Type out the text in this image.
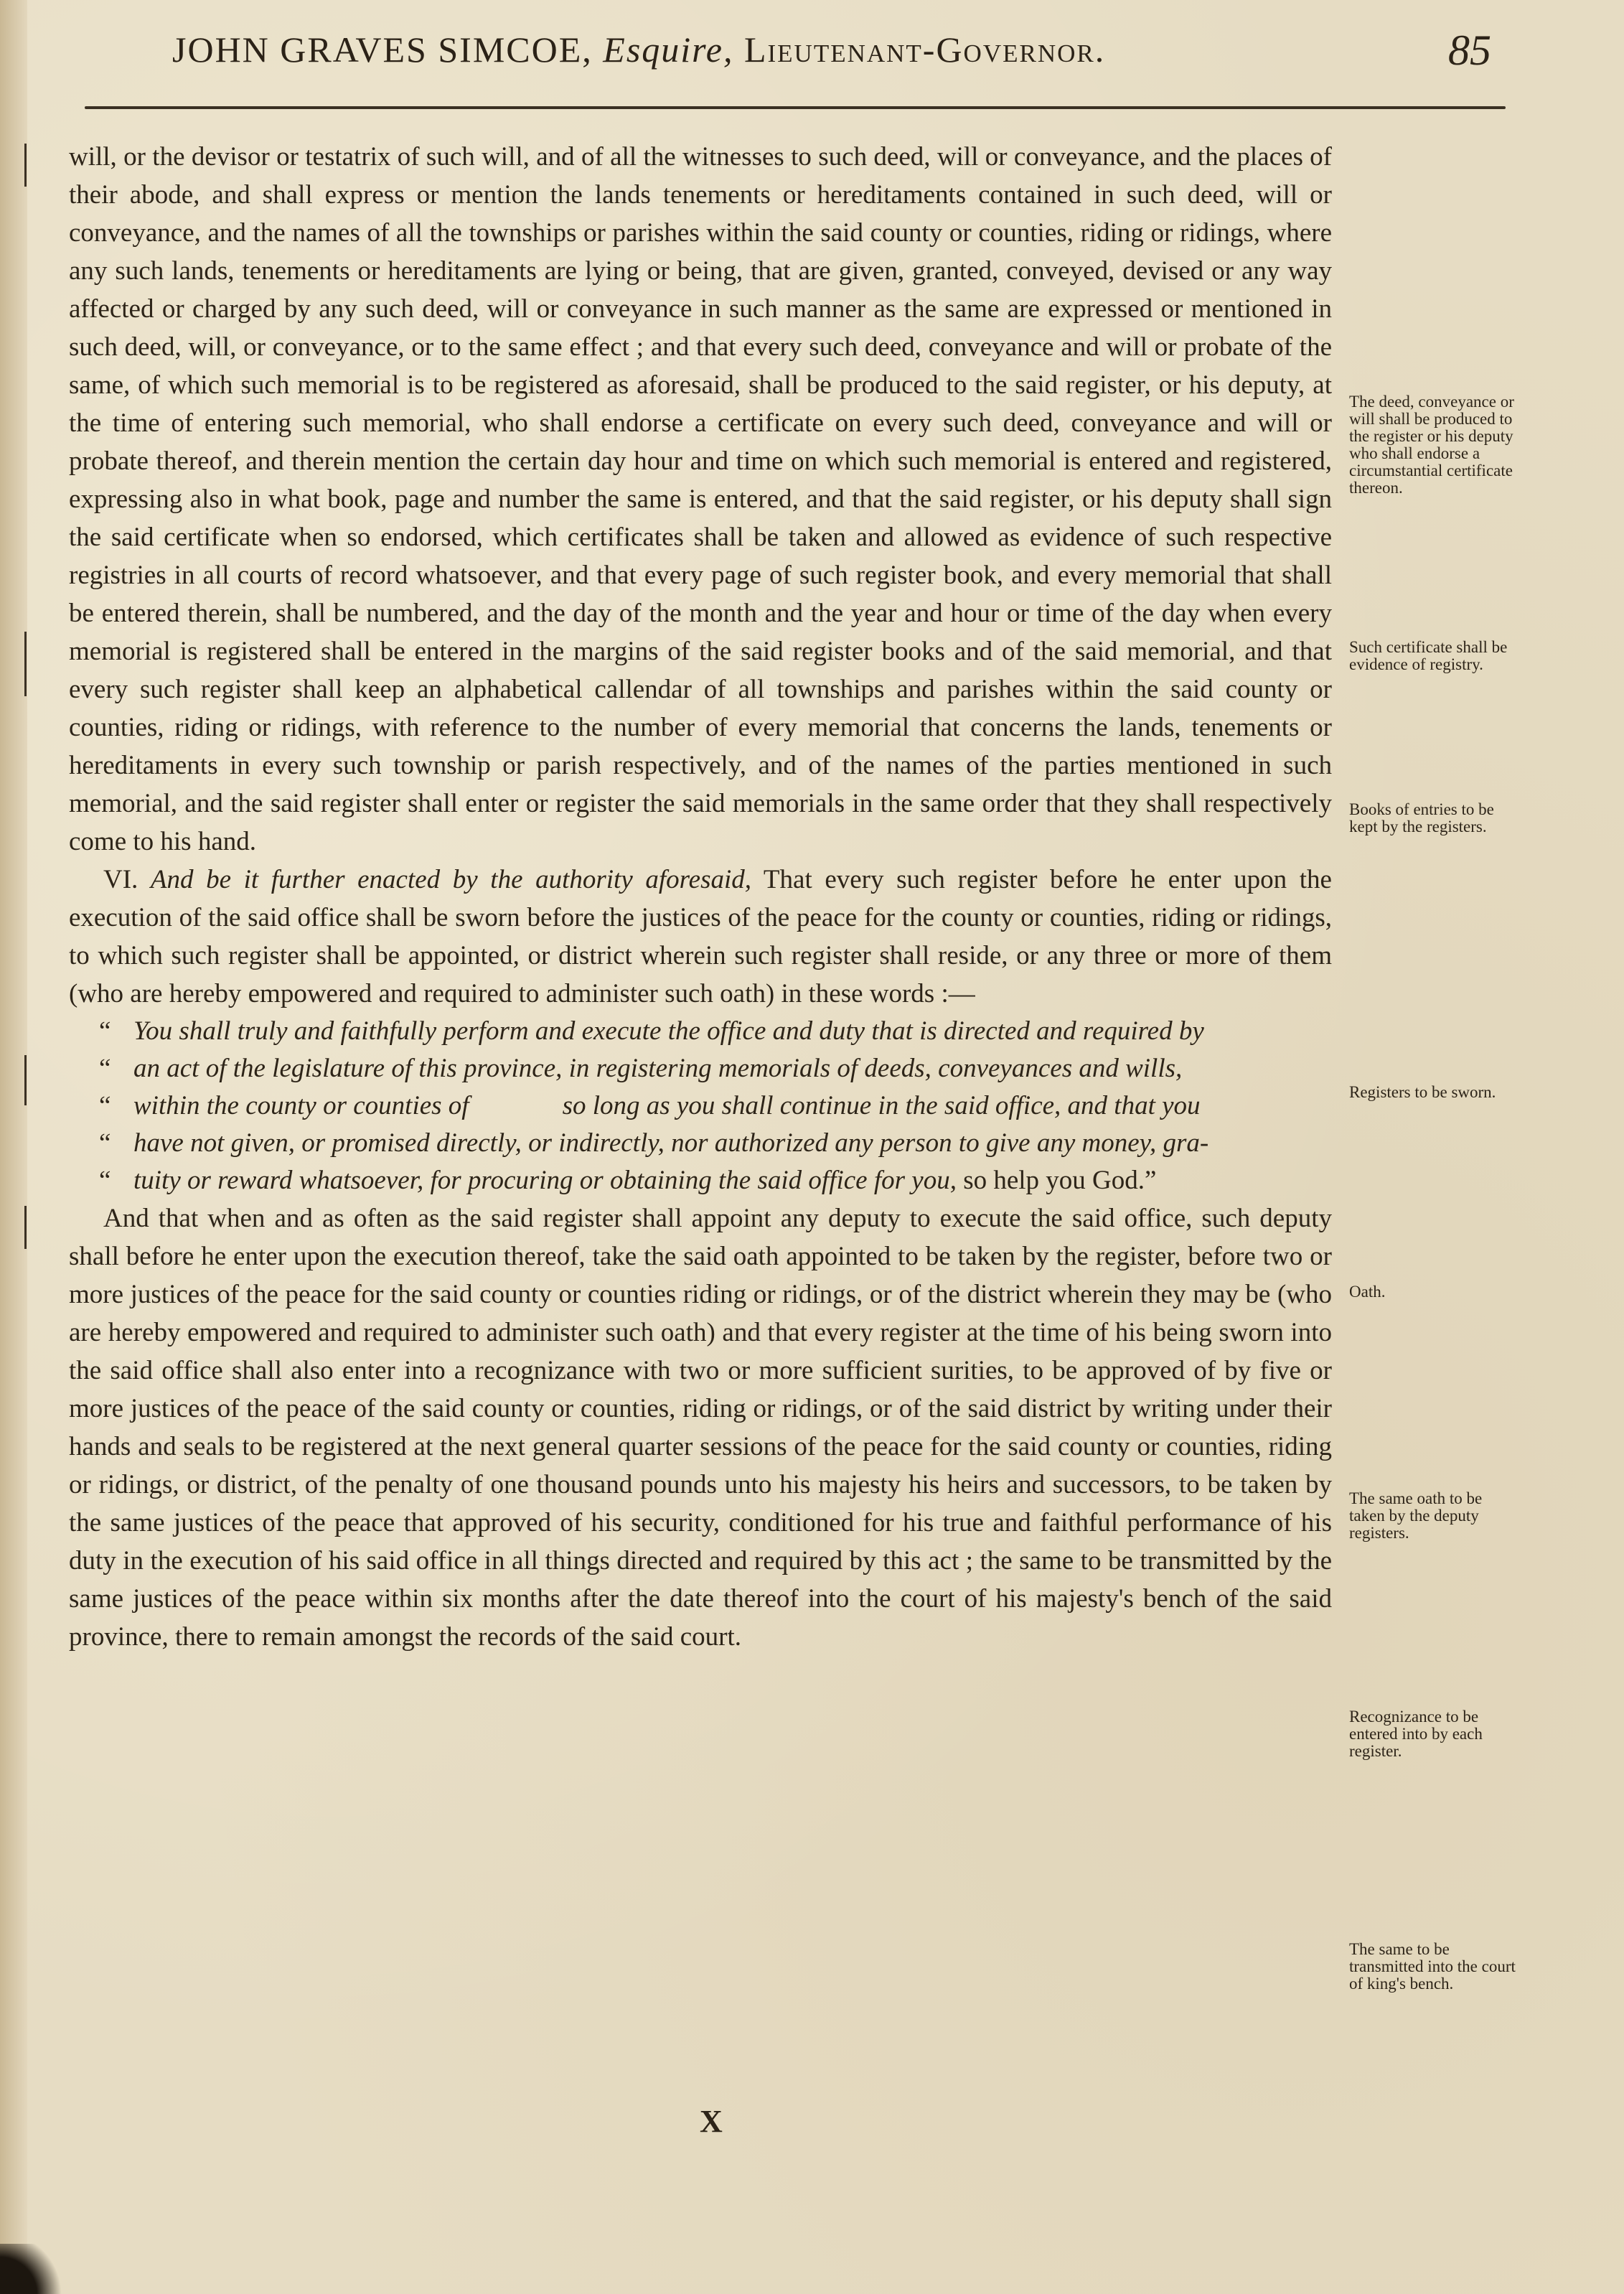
JOHN GRAVES SIMCOE, Esquire, Lieutenant-Governor.	85

will, or the devisor or testatrix of such will, and of all the witnesses to such deed, will or conveyance, and the places of their abode, and shall express or mention the lands tenements or hereditaments contained in such deed, will or conveyance, and the names of all the townships or parishes within the said county or counties, riding or ridings, where any such lands, tenements or hereditaments are lying or being, that are given, granted, conveyed, devised or any way affected or charged by any such deed, will or conveyance in such manner as the same are expressed or mentioned in such deed, will, or conveyance, or to the same effect ; and that every such deed, conveyance and will or probate of the same, of which such memorial is to be registered as aforesaid, shall be produced to the said register, or his deputy, at the time of entering such memorial, who shall endorse a certificate on every such deed, conveyance and will or probate thereof, and therein mention the certain day hour and time on which such memorial is entered and registered, expressing also in what book, page and number the same is entered, and that the said register, or his deputy shall sign the said certificate when so endorsed, which certificates shall be taken and allowed as evidence of such respective registries in all courts of record whatsoever, and that every page of such register book, and every memorial that shall be entered therein, shall be numbered, and the day of the month and the year and hour or time of the day when every memorial is registered shall be entered in the margins of the said register books and of the said memorial, and that every such register shall keep an alphabetical callendar of all townships and parishes within the said county or counties, riding or ridings, with reference to the number of every memorial that concerns the lands, tenements or hereditaments in every such township or parish respectively, and of the names of the parties mentioned in such memorial, and the said register shall enter or register the said memorials in the same order that they shall respectively come to his hand.

VI. And be it further enacted by the authority aforesaid, That every such register before he enter upon the execution of the said office shall be sworn before the justices of the peace for the county or counties, riding or ridings, to which such register shall be appointed, or district wherein such register shall reside, or any three or more of them (who are hereby empowered and required to administer such oath) in these words :—

“ You shall truly and faithfully perform and execute the office and duty that is directed and required by
“ an act of the legislature of this province, in registering memorials of deeds, conveyances and wills,
“ within the county or counties of	so long as you shall continue in the said office, and that you
“ have not given, or promised directly, or indirectly, nor authorized any person to give any money, gra-
“ tuity or reward whatsoever, for procuring or obtaining the said office for you, so help you God.”

And that when and as often as the said register shall appoint any deputy to execute the said office, such deputy shall before he enter upon the execution thereof, take the said oath appointed to be taken by the register, before two or more justices of the peace for the said county or counties riding or ridings, or of the district wherein they may be (who are hereby empowered and required to administer such oath) and that every register at the time of his being sworn into the said office shall also enter into a recognizance with two or more sufficient surities, to be approved of by five or more justices of the peace of the said county or counties, riding or ridings, or of the said district by writing under their hands and seals to be registered at the next general quarter sessions of the peace for the said county or counties, riding or ridings, or district, of the penalty of one thousand pounds unto his majesty his heirs and successors, to be taken by the same justices of the peace that approved of his security, conditioned for his true and faithful performance of his duty in the execution of his said office in all things directed and required by this act ; the same to be transmitted by the same justices of the peace within six months after the date thereof into the court of his majesty's bench of the said province, there to remain amongst the records of the said court.

The deed, conveyance or will shall be produced to the register or his deputy who shall endorse a circumstantial certificate thereon.
Such certificate shall be evidence of registry.
Books of entries to be kept by the registers.
Registers to be sworn.
Oath.
The same oath to be taken by the deputy registers.
Recognizance to be entered into by each register.
The same to be transmitted into the court of king's bench.
X
